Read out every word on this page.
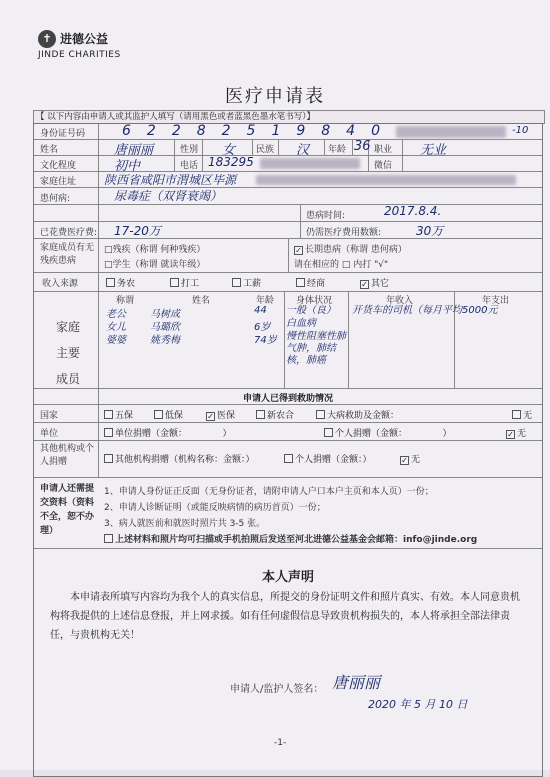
✝ 进德公益
JINDE CHARITIES
医疗申请表
【 以下内容由申请人或其监护人填写（请用黑色或者蓝黑色墨水笔书写）】
身份证号码	62282519840	-10
姓名	唐丽丽	性别 女 民族 汉 年龄 36 职业 无业
文化程度	初中	电话 183295	微信
家庭住址 陕西省咸阳市渭城区毕源
患何病:	尿毒症（双肾衰竭）
患病时间:	2017.8.4.
已花费医疗费: 17-20万	仍需医疗费用数额:	30万
家庭成员有无残疾患病
□残疾（称谓 何种残疾）
□学生（称谓 就读年级）
✓ 长期患病（称谓 患何病）
请在相应的 □ 内打 "√"
收入来源	务农	打工	工薪	经商	✓ 其它
家庭主要成员
称谓	姓名	年龄 身体状况	年收入	年支出
老公 马树成	44 一般（良）	开货车的司机（每月平均5000元
女儿 马璐欣	6岁 白血病
婆婆 姚秀梅	74岁 慢性阻塞性肺气肿，肺结核，肺癌
申请人已得到救助情况
国家	五保	低保	✓ 医保	新农合	大病救助及金额：	无
单位	单位捐赠（金额：	）	个人捐赠（金额：	）	✓ 无
其他机构或个人捐赠	其他机构捐赠（机构名称：金额：）	个人捐赠（金额：）	✓ 无
申请人还需提交资料（资料不全，恕不办理）
1、申请人身份证正反面（无身份证者，请附申请人户口本户主页和本人页）一份；
2、申请人诊断证明（或能反映病情的病历首页）一份；
3、病人就医前和就医时照片共 3-5 张。
上述材料和照片均可扫描或手机拍照后发送至河北进德公益基金会邮箱：info@jinde.org
本人声明
本申请表所填写内容均为我个人的真实信息，所提交的身份证明文件和照片真实、有效。本人同意贵机构将我提供的上述信息登报，并上网求援。如有任何虚假信息导致贵机构损失的，本人将承担全部法律责任，与贵机构无关！
申请人/监护人签名： 唐丽丽
2020 年 5 月 10 日
-1-
